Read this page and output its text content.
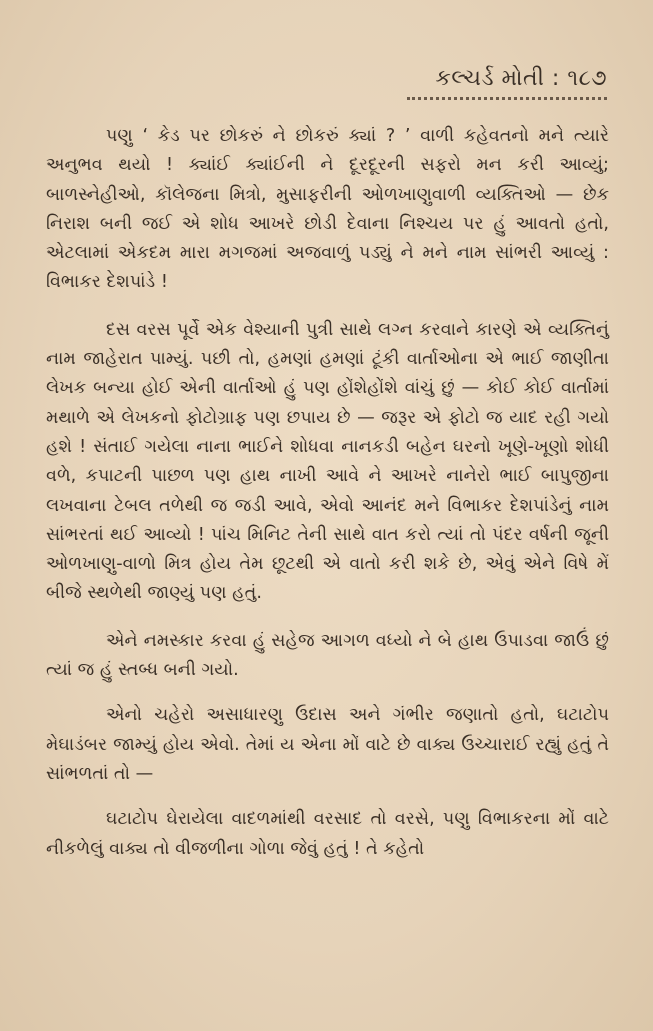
કલ્ચર્ડ મોતી : ૧૮૭

પણુ ‘ કેડ પર છોકરું ને છોકરું ક્યાં ? ’ વાળી કહેવતનો મને ત્યારે અનુભવ થયો ! ક્યાંઈ ક્યાંઈની ને દૂરદૂરની સફરો મન કરી આવ્યું; બાળસ્નેહીઓ, કૉલેજના મિત્રો, મુસાફરીની ઓળખાણુવાળી વ્યક્તિઓ — છેક નિરાશ બની જઈ એ શોધ આખરે છોડી દેવાના નિશ્ચય પર હું આવતો હતો, એટલામાં એકદમ મારા મગજમાં અજવાળું પડ્યું ને મને નામ સાંભરી આવ્યું : વિભાકર દેશપાંડે !

દસ વરસ પૂર્વે એક વેશ્યાની પુત્રી સાથે લગ્ન કરવાને કારણે એ વ્યક્તિનું નામ જાહેરાત પામ્યું. પછી તો, હમણાં હમણાં ટૂંકી વાર્તાઓના એ ભાઈ જાણીતા લેખક બન્યા હોઈ એની વાર્તાઓ હું પણ હોંશેહોંશે વાંચું છું — કોઈ કોઈ વાર્તામાં મથાળે એ લેખકનો ફોટોગ્રાફ પણ છપાય છે — જરૂર એ ફોટો જ યાદ રહી ગયો હશે ! સંતાઈ ગયેલા નાના ભાઈને શોધવા નાનકડી બહેન ઘરનો ખૂણે-ખૂણો શોધી વળે, કપાટની પાછળ પણ હાથ નાખી આવે ને આખરે નાનેરો ભાઈ બાપુજીના લખવાના ટેબલ તળેથી જ જડી આવે, એવો આનંદ મને વિભાકર દેશપાંડેનું નામ સાંભરતાં થઈ આવ્યો ! પાંચ મિનિટ તેની સાથે વાત કરો ત્યાં તો પંદર વર્ષની જૂની ઓળખાણુ-વાળો મિત્ર હોય તેમ છૂટથી એ વાતો કરી શકે છે, એવું એને વિષે મેં બીજે સ્થળેથી જાણ્યું પણ હતું.

એને નમસ્કાર કરવા હું સહેજ આગળ વધ્યો ને બે હાથ ઉપાડવા જાઉં છું ત્યાં જ હું સ્તબ્ધ બની ગયો.

એનો ચહેરો અસાધારણુ ઉદાસ અને ગંભીર જણાતો હતો, ઘટાટોપ મેઘાડંબર જામ્યું હોય એવો. તેમાં ય એના મોં વાટે છે વાક્ય ઉચ્ચારાઈ રહ્યું હતું તે સાંભળતાં તો —

ઘટાટોપ ઘેરાયેલા વાદળમાંથી વરસાદ તો વરસે, પણુ વિભાકરના મોં વાટે નીકળેલું વાક્ય તો વીજળીના ગોળા જેવું હતું ! તે કહેતો
